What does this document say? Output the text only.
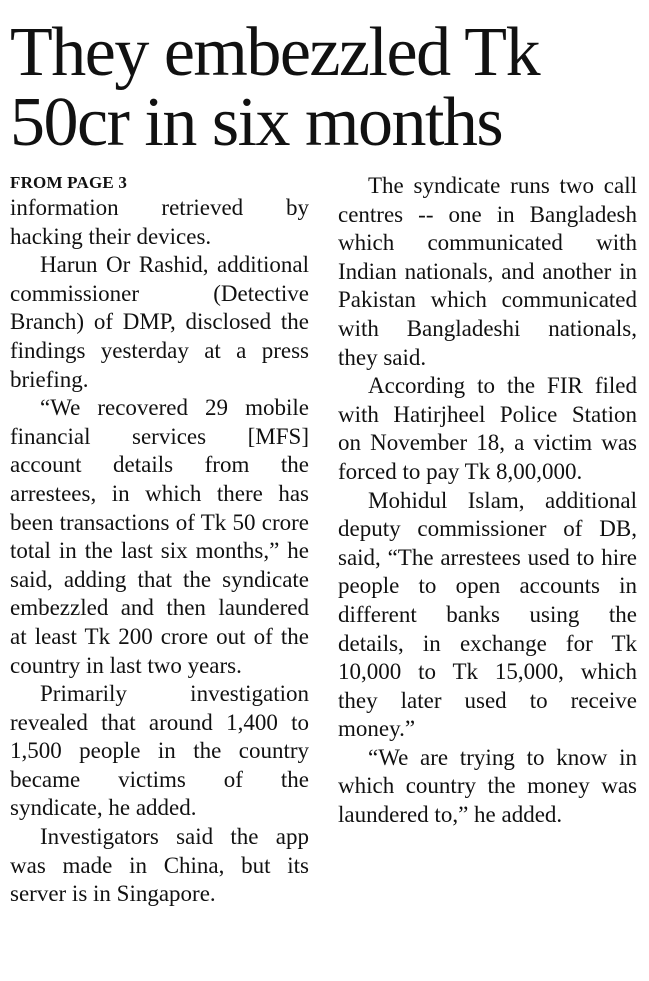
They embezzled Tk
50cr in six months
FROM PAGE 3

information retrieved by hacking their devices.

Harun Or Rashid, additional commissioner (Detective Branch) of DMP, disclosed the findings yesterday at a press briefing.

“We recovered 29 mobile financial services [MFS] account details from the arrestees, in which there has been transactions of Tk 50 crore total in the last six months,” he said, adding that the syndicate embezzled and then laundered at least Tk 200 crore out of the country in last two years.

Primarily investigation revealed that around 1,400 to 1,500 people in the country became victims of the syndicate, he added.

Investigators said the app was made in China, but its server is in Singapore.

The syndicate runs two call centres -- one in Bangladesh which communicated with Indian nationals, and another in Pakistan which communicated with Bangladeshi nationals, they said.

According to the FIR filed with Hatirjheel Police Station on November 18, a victim was forced to pay Tk 8,00,000.

Mohidul Islam, additional deputy commissioner of DB, said, “The arrestees used to hire people to open accounts in different banks using the details, in exchange for Tk 10,000 to Tk 15,000, which they later used to receive money.”

“We are trying to know in which country the money was laundered to,” he added.
